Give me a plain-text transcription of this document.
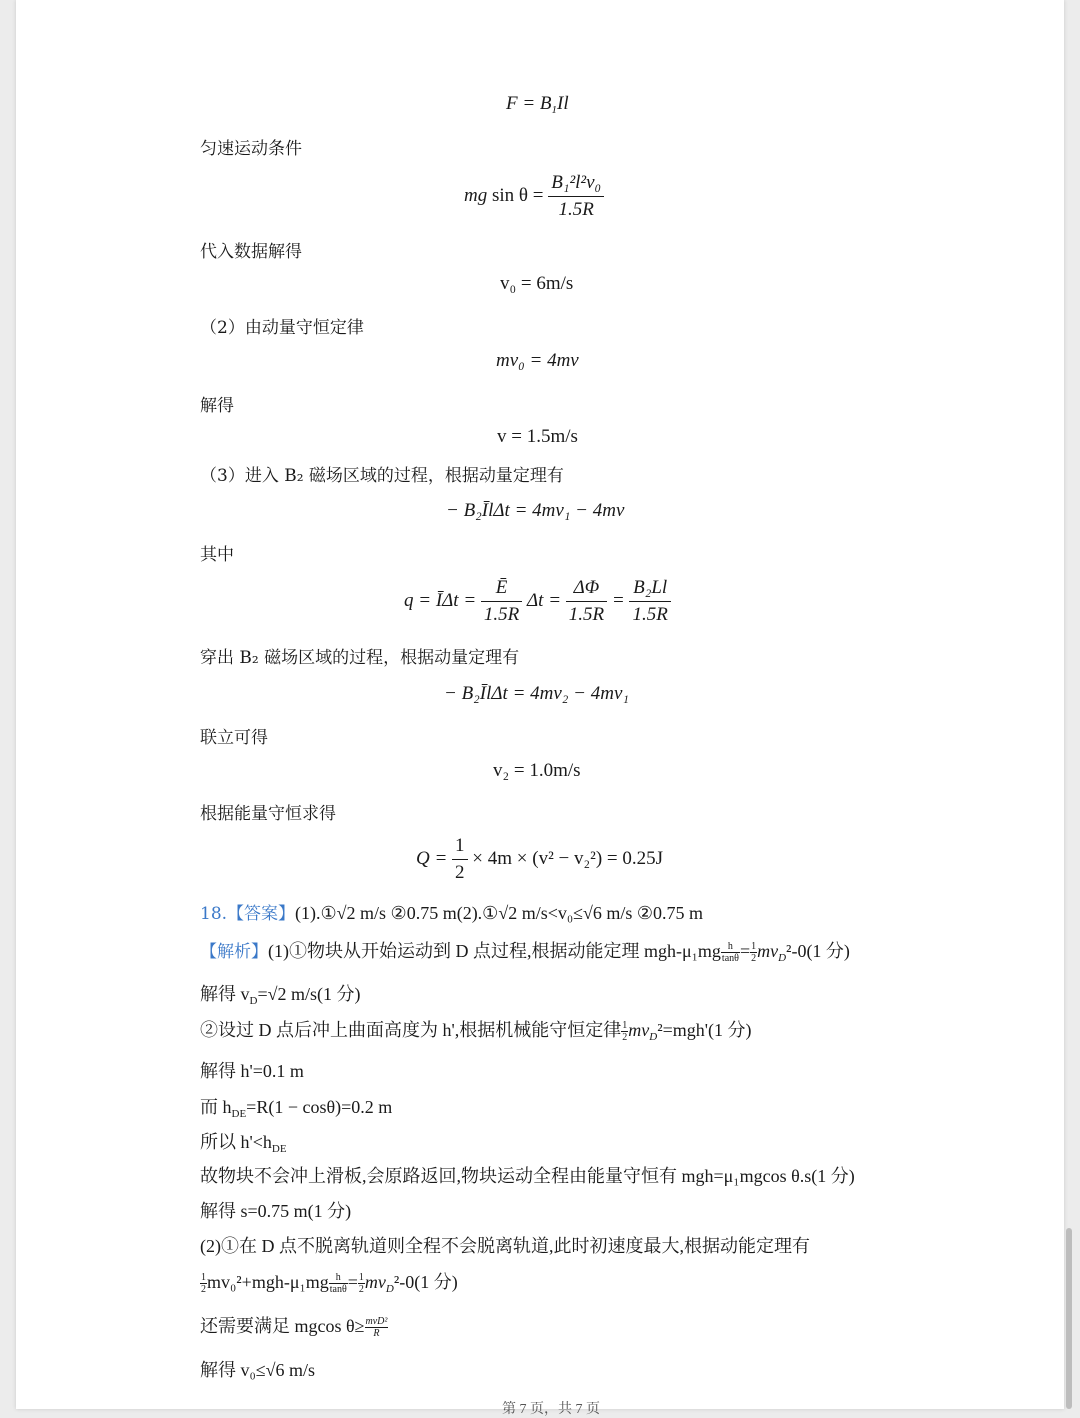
$F = B_1Il$
匀速运动条件
mg $\sin \theta = \frac{\text{B₁²l²v₀}}{1.5R}$
代入数据解得
v₀ = 6m/s
（2）由动量守恒定律
mv₀ = 4mv
解得
v = 1.5m/s
（3）进入 B₂ 磁场区域的过程，根据动量定理有
− B₂ĪlΔt = 4mv₁ − 4mv
其中
q = ĪΔt = $\frac{Ē}{1.5R}$ $\Delta t = \frac{\Delta\Phi}{1.5R} = \frac{\text{B₂Ll}}{1.5R}$
穿出 B₂ 磁场区域的过程，根据动量定理有
− B₂ĪlΔt = 4mv₂ − 4mv₁
联立可得
v₂ = 1.0m/s
根据能量守恒求得
$Q = \frac{1}{2} \times 4m \times (v^2 - v_2^2) = 0.25J$
18.【答案】(1).①√2 m/s ②0.75 m(2).①√2 m/s<v₀≤√6 m/s ②0.75 m
【解析】(1)①物块从开始运动到 D 点过程,根据动能定理 $mgh-\mu_1mg \frac{h}{\tan\theta} = \frac{1}{2} mv_D^2-0(1$ 分)
解得 $v_D=√2$ m/s(1 分)
②设过 D 点后冲上曲面高度为 h',根据机械能守恒定律 $\frac{1}{2} mv_D^2=mgh'(1$ 分)
解得 h'=0.1 m
而 $h_{DE}=R(1 - \cos\theta)=0.2$ m
所以 $h'<h_{DE}$
故物块不会冲上滑板,会原路返回,物块运动全程由能量守恒有 mgh=μ₁mgcos θ.s(1 分)
解得 s=0.75 m(1 分)
(2)①在 D 点不脱离轨道则全程不会脱离轨道,此时初速度最大,根据动能定理有
$\frac{1}{2} mv_0^2+mgh-\mu_1mg \frac{h}{\tan\theta} = \frac{1}{2} mv_D^2-0(1$ 分)
还需要满足 mgcos θ≥ mvD²
R
解得 v₀≤√6 m/s
第 7 页，共 7 页
